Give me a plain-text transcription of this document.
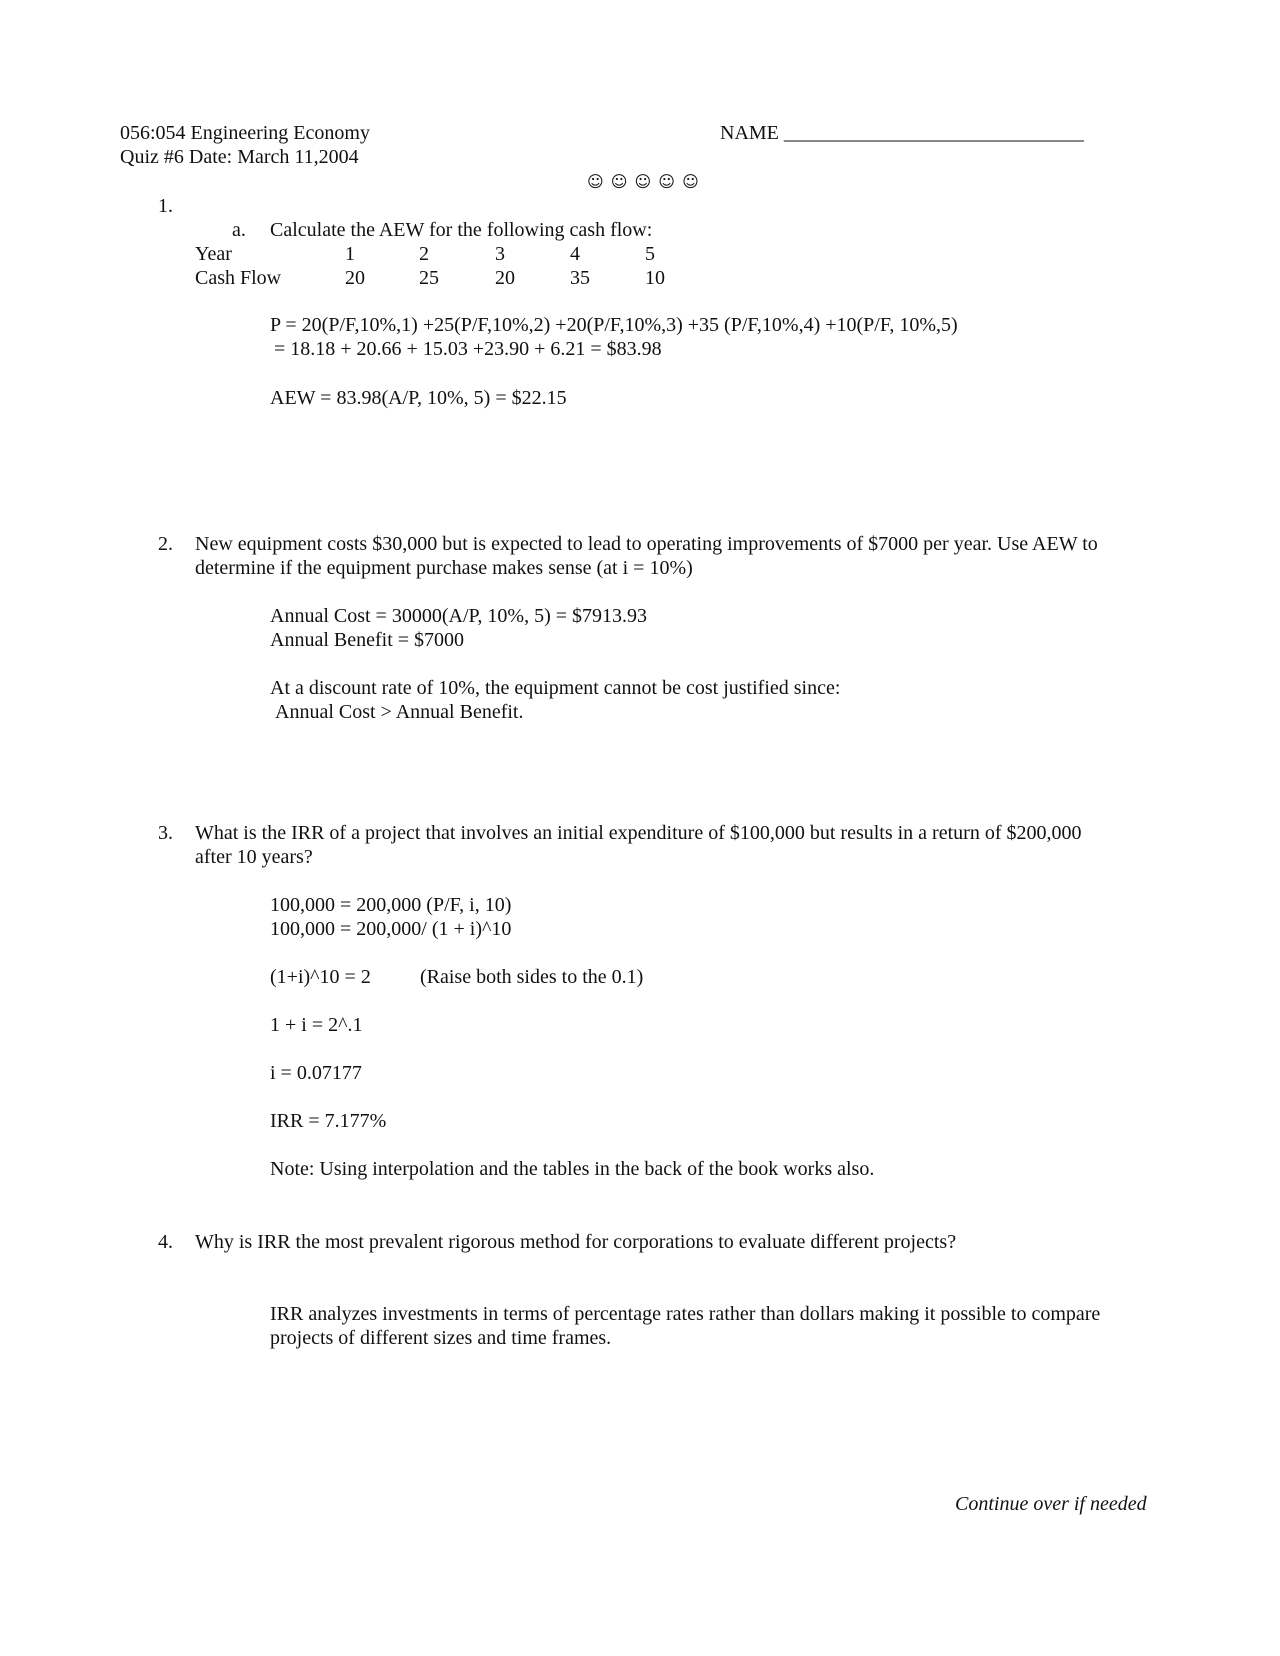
056:054 Engineering Economy
Quiz #6 Date: March 11,2004
NAME ______________________________
☺ ☺ ☺ ☺ ☺
1.
a. Calculate the AEW for the following cash flow:
Year	1	2	3	4	5
Cash Flow	20	25	20	35	10
P = 20(P/F,10%,1) +25(P/F,10%,2) +20(P/F,10%,3) +35 (P/F,10%,4) +10(P/F, 10%,5)
= 18.18 + 20.66 + 15.03 +23.90 + 6.21 = $83.98
AEW = 83.98(A/P, 10%, 5) = $22.15
2. New equipment costs $30,000 but is expected to lead to operating improvements of $7000 per year. Use AEW to
determine if the equipment purchase makes sense (at i = 10%)
Annual Cost = 30000(A/P, 10%, 5) = $7913.93
Annual Benefit = $7000
At a discount rate of 10%, the equipment cannot be cost justified since:
Annual Cost > Annual Benefit.
3. What is the IRR of a project that involves an initial expenditure of $100,000 but results in a return of $200,000
after 10 years?
100,000 = 200,000 (P/F, i, 10)
100,000 = 200,000/ (1 + i)^10
(1+i)^10 = 2 (Raise both sides to the 0.1)
1 + i = 2^.1
i = 0.07177
IRR = 7.177%
Note: Using interpolation and the tables in the back of the book works also.
4. Why is IRR the most prevalent rigorous method for corporations to evaluate different projects?
IRR analyzes investments in terms of percentage rates rather than dollars making it possible to compare
projects of different sizes and time frames.
Continue over if needed
